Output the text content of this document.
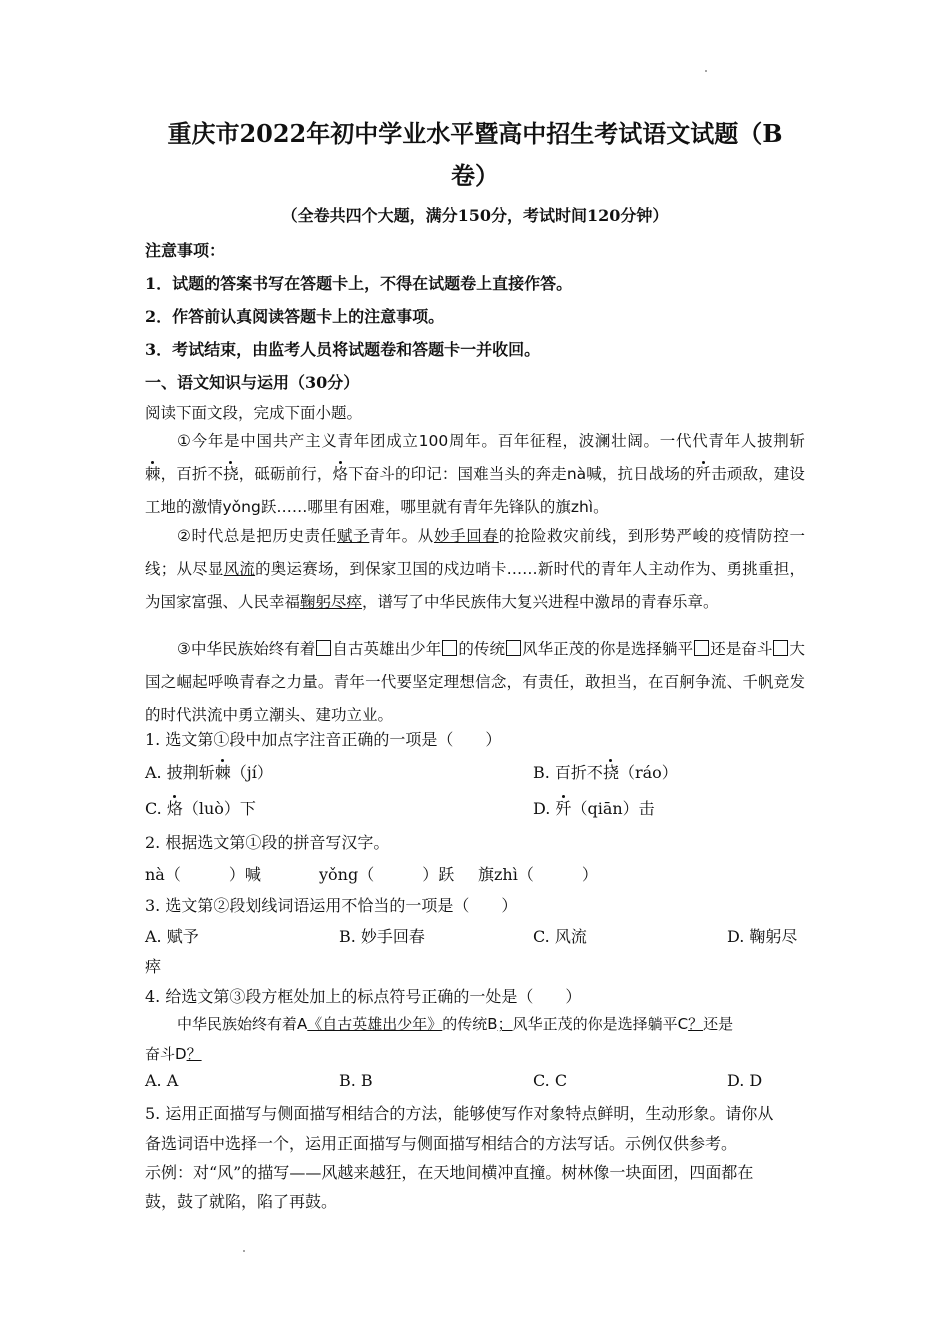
重庆市2022年初中学业水平暨高中招生考试语文试题（B
卷）
（全卷共四个大题，满分150分，考试时间120分钟）
注意事项：
1．试题的答案书写在答题卡上，不得在试题卷上直接作答。
2．作答前认真阅读答题卡上的注意事项。
3．考试结束，由监考人员将试题卷和答题卡一并收回。
一、语文知识与运用（30分）
阅读下面文段，完成下面小题。
①今年是中国共产主义青年团成立100周年。百年征程，波澜壮阔。一代代青年人披荆斩棘，百折不挠，砥砺前行，烙下奋斗的印记：国难当头的奔走nà喊，抗日战场的歼击顽敌，建设工地的激情yǒng跃……哪里有困难，哪里就有青年先锋队的旗zhì。
②时代总是把历史责任赋予青年。从妙手回春的抢险救灾前线，到形势严峻的疫情防控一线；从尽显风流的奥运赛场，到保家卫国的戍边哨卡……新时代的青年人主动作为、勇挑重担，为国家富强、人民幸福鞠躬尽瘁，谱写了中华民族伟大复兴进程中激昂的青春乐章。
③中华民族始终有着 自古英雄出少年 的传统 风华正茂的你是选择躺平 还是奋斗 大国之崛起呼唤青春之力量。青年一代要坚定理想信念，有责任，敢担当，在百舸争流、千帆竞发的时代洪流中勇立潮头、建功立业。
1. 选文第①段中加点字注音正确的一项是（　　）
A. 披荆斩棘（jí）	B. 百折不挠（ráo）
C. 烙（luò）下	D. 歼（qiān）击
2. 根据选文第①段的拼音写汉字。
nà（	）喊	yǒng（	）跃 旗zhì（	）
3. 选文第②段划线词语运用不恰当的一项是（　　）
A. 赋予	B. 妙手回春	C. 风流	D. 鞠躬尽
瘁
4. 给选文第③段方框处加上的标点符号正确的一处是（　　）
中华民族始终有着A《自古英雄出少年》的传统B；风华正茂的你是选择躺平C？还是
奋斗D？
A. A	B. B	C. C	D. D
5. 运用正面描写与侧面描写相结合的方法，能够使写作对象特点鲜明，生动形象。请你从
备选词语中选择一个，运用正面描写与侧面描写相结合的方法写话。示例仅供参考。
示例：对“风”的描写——风越来越狂，在天地间横冲直撞。树林像一块面团，四面都在
鼓，鼓了就陷，陷了再鼓。
